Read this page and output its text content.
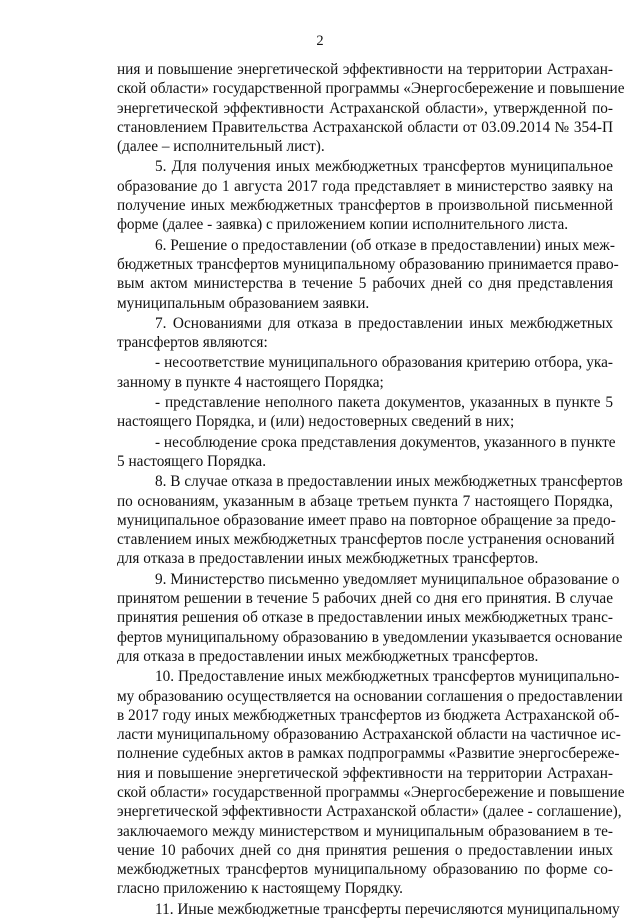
2
ния и повышение энергетической эффективности на территории Астрахан-
ской области» государственной программы «Энергосбережение и повышение
энергетической эффективности Астраханской области», утвержденной по-
становлением Правительства Астраханской области от 03.09.2014 № 354-П
(далее – исполнительный лист).
5. Для получения иных межбюджетных трансфертов муниципальное
образование до 1 августа 2017 года представляет в министерство заявку на
получение иных межбюджетных трансфертов в произвольной письменной
форме (далее - заявка) с приложением копии исполнительного листа.
6. Решение о предоставлении (об отказе в предоставлении) иных меж-
бюджетных трансфертов муниципальному образованию принимается право-
вым актом министерства в течение 5 рабочих дней со дня представления
муниципальным образованием заявки.
7. Основаниями для отказа в предоставлении иных межбюджетных
трансфертов являются:
- несоответствие муниципального образования критерию отбора, ука-
занному в пункте 4 настоящего Порядка;
- представление неполного пакета документов, указанных в пункте 5
настоящего Порядка, и (или) недостоверных сведений в них;
- несоблюдение срока представления документов, указанного в пункте
5 настоящего Порядка.
8. В случае отказа в предоставлении иных межбюджетных трансфертов
по основаниям, указанным в абзаце третьем пункта 7 настоящего Порядка,
муниципальное образование имеет право на повторное обращение за предо-
ставлением иных межбюджетных трансфертов после устранения оснований
для отказа в предоставлении иных межбюджетных трансфертов.
9. Министерство письменно уведомляет муниципальное образование о
принятом решении в течение 5 рабочих дней со дня его принятия. В случае
принятия решения об отказе в предоставлении иных межбюджетных транс-
фертов муниципальному образованию в уведомлении указывается основание
для отказа в предоставлении иных межбюджетных трансфертов.
10. Предоставление иных межбюджетных трансфертов муниципально-
му образованию осуществляется на основании соглашения о предоставлении
в 2017 году иных межбюджетных трансфертов из бюджета Астраханской об-
ласти муниципальному образованию Астраханской области на частичное ис-
полнение судебных актов в рамках подпрограммы «Развитие энергосбереже-
ния и повышение энергетической эффективности на территории Астрахан-
ской области» государственной программы «Энергосбережение и повышение
энергетической эффективности Астраханской области» (далее - соглашение),
заключаемого между министерством и муниципальным образованием в те-
чение 10 рабочих дней со дня принятия решения о предоставлении иных
межбюджетных трансфертов муниципальному образованию по форме со-
гласно приложению к настоящему Порядку.
11. Иные межбюджетные трансферты перечисляются муниципальному
